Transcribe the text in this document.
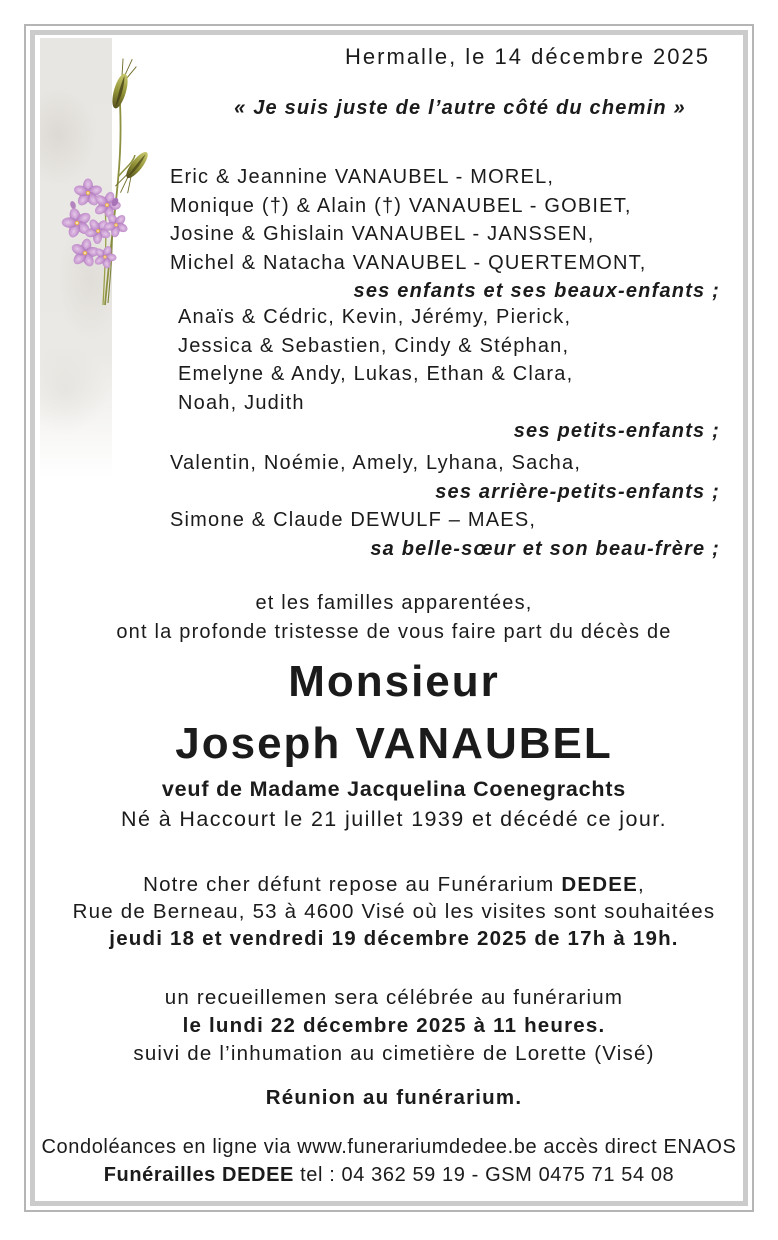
Hermalle, le 14 décembre 2025
« Je suis juste de l’autre côté du chemin »
Eric & Jeannine VANAUBEL - MOREL,
Monique (†) & Alain (†) VANAUBEL - GOBIET,
Josine & Ghislain VANAUBEL - JANSSEN,
Michel & Natacha VANAUBEL - QUERTEMONT,
ses enfants et ses beaux-enfants ;
Anaïs & Cédric, Kevin, Jérémy, Pierick,
Jessica & Sebastien, Cindy & Stéphan,
Emelyne & Andy, Lukas, Ethan & Clara,
Noah, Judith
ses petits-enfants ;
Valentin, Noémie, Amely, Lyhana, Sacha,
ses arrière-petits-enfants ;
Simone & Claude DEWULF – MAES,
sa belle-sœur et son beau-frère ;
et les familles apparentées,
ont la profonde tristesse de vous faire part du décès de
Monsieur
Joseph VANAUBEL
veuf de Madame Jacquelina Coenegrachts
Né à Haccourt le 21 juillet 1939 et décédé ce jour.
Notre cher défunt repose au Funérarium DEDEE,
Rue de Berneau, 53 à 4600 Visé où les visites sont souhaitées
jeudi 18 et vendredi 19 décembre 2025 de 17h à 19h.
un recueillemen sera célébrée au funérarium
le lundi 22 décembre 2025 à 11 heures.
suivi de l’inhumation au cimetière de Lorette (Visé)
Réunion au funérarium.
Condoléances en ligne via www.funerariumdedee.be accès direct ENAOS
Funérailles DEDEE tel : 04 362 59 19 - GSM 0475 71 54 08
